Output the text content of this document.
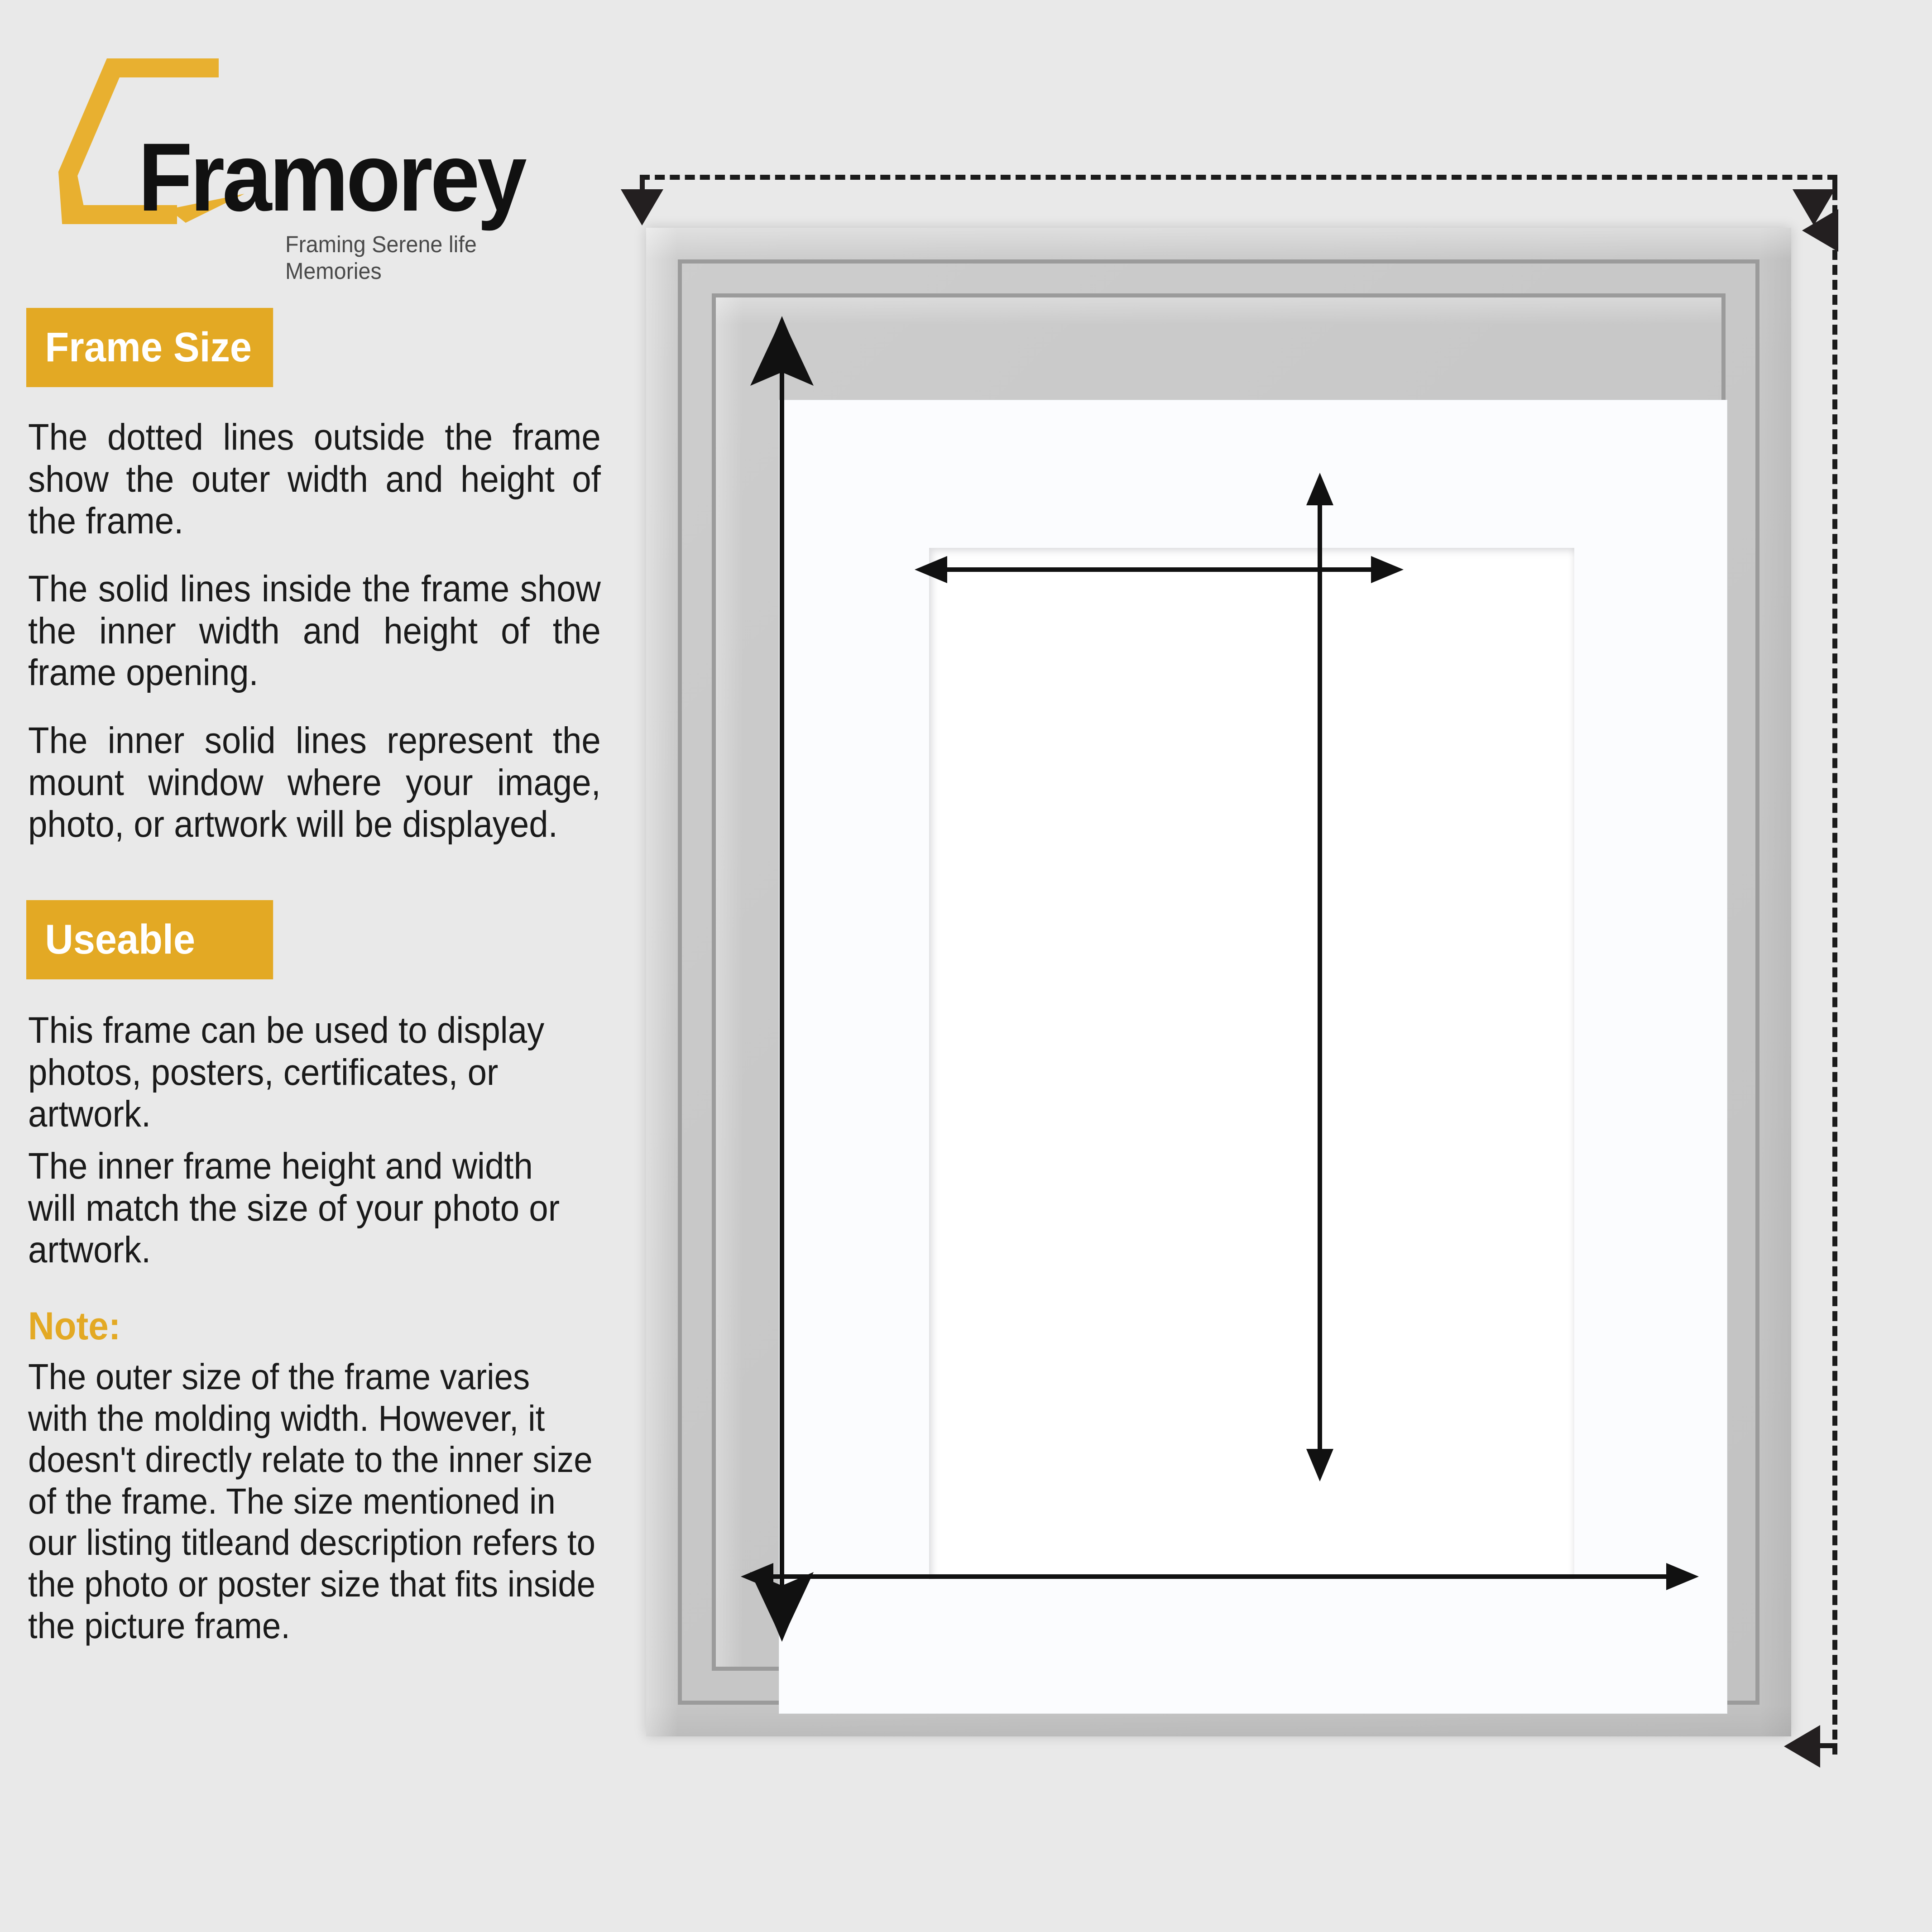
Framorey
Framing Serene life Memories
Frame Size
The dotted lines outside the frame show the outer width and height of the frame.
The solid lines inside the frame show the inner width and height of the frame opening.
The inner solid lines represent the mount window where your image, photo, or artwork will be displayed.
Useable
This frame can be used to display photos, posters, certificates, or artwork.
The inner frame height and width will match the size of your photo or artwork.
Note:
The outer size of the frame varies with the molding width. However, it doesn't directly relate to the inner size of the frame. The size mentioned in our listing titleand description refers to the photo or poster size that fits inside the picture frame.
